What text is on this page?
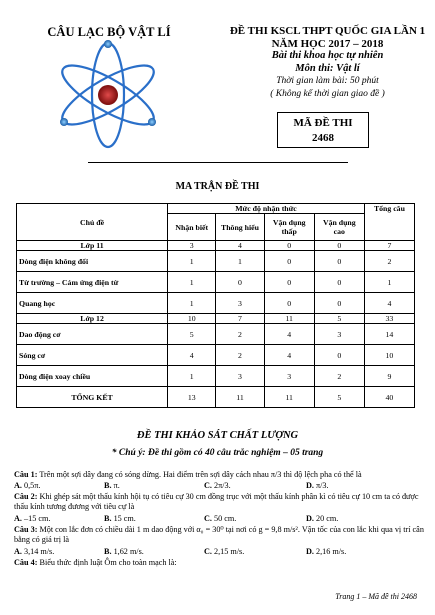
CÂU LẠC BỘ VẬT LÍ	ĐỀ THI KSCL THPT QUỐC GIA LẦN 1
NĂM HỌC 2017 – 2018
Bài thi khoa học tự nhiên
Môn thi: Vật lí
Thời gian làm bài: 50 phút
( Không kể thời gian giao đề )
MÃ ĐỀ THI
2468
MA TRẬN ĐỀ THI
Chủ đề	Mức độ nhận thức				Tổng câu
	Nhận biết	Thông hiểu	Vận dụng thấp	Vận dụng cao	
Lớp 11	3	4	0	0	7
Dòng điện không đổi	1	1	0	0	2
Từ trường – Cảm ứng điện từ	1	0	0	0	1
Quang học	1	3	0	0	4
Lớp 12	10	7	11	5	33
Dao động cơ	5	2	4	3	14
Sóng cơ	4	2	4	0	10
Dòng điện xoay chiều	1	3	3	2	9
TỔNG KẾT	13	11	11	5	40
ĐỀ THI KHẢO SÁT CHẤT LƯỢNG
* Chú ý: Đề thi gồm có 40 câu trắc nghiệm – 05 trang
Câu 1: Trên một sợi dây đang có sóng dừng. Hai điểm trên sợi dây cách nhau π/3 thì độ lệch pha có thể là
A. 0,5π.	B. π.	C. 2π/3.	D. π/3.
Câu 2: Khi ghép sát một thấu kính hội tụ có tiêu cự 30 cm đồng trục với một thấu kính phân kì có tiêu cự 10 cm ta có được thấu kính tương đương với tiêu cự là
A. –15 cm.	B. 15 cm.	C. 50 cm.	D. 20 cm.
Câu 3: Một con lắc đơn có chiều dài 1 m dao động với α₀ = 30⁰ tại nơi có g = 9,8 m/s². Vận tốc của con lắc khi qua vị trí cân bằng có giá trị là
A. 3,14 m/s.	B. 1,62 m/s.	C. 2,15 m/s.	D. 2,16 m/s.
Câu 4: Biểu thức định luật Ôm cho toàn mạch là:
Trang 1 – Mã đề thi 2468
